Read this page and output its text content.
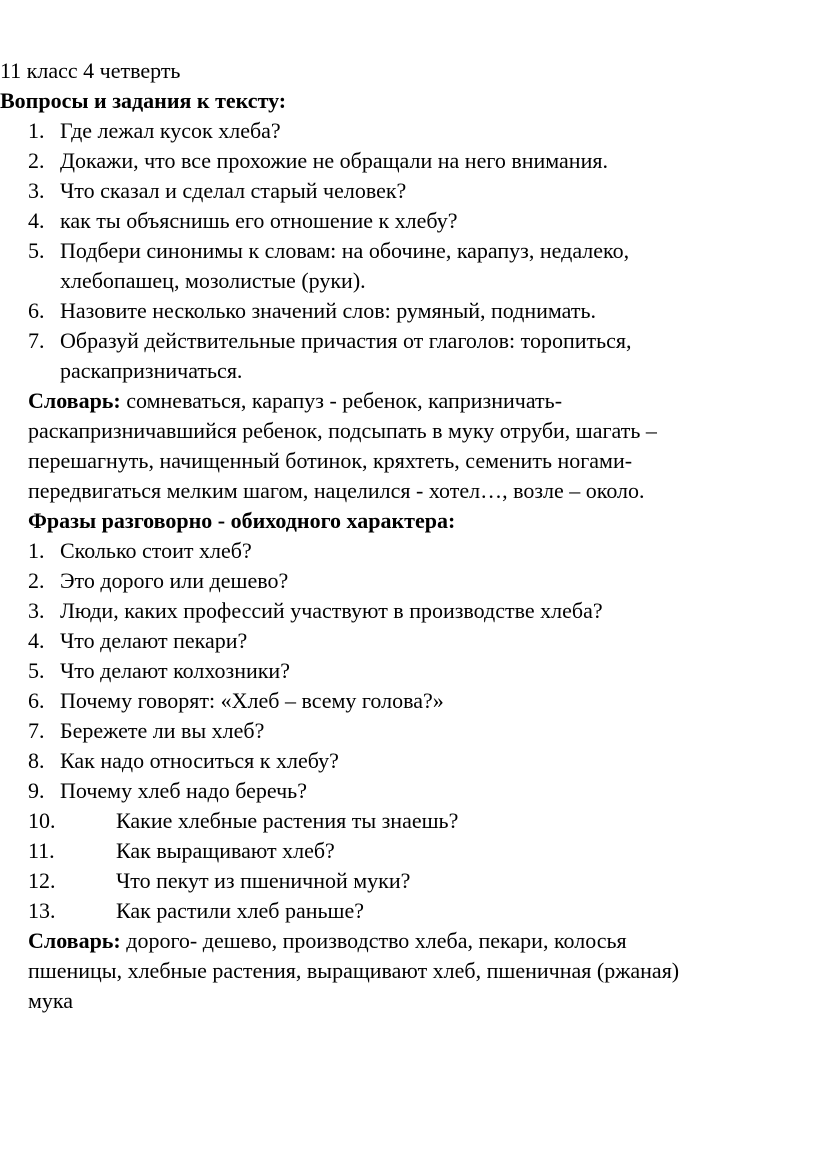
11 класс 4 четверть

Вопросы и задания к тексту:

1. Где лежал кусок хлеба?
2. Докажи, что все прохожие не обращали на него внимания.
3. Что сказал и сделал старый человек?
4. как ты объяснишь его отношение к хлебу?
5. Подбери синонимы к словам: на обочине, карапуз, недалеко,
хлебопашец, мозолистые (руки).
6. Назовите несколько значений слов: румяный, поднимать.
7. Образуй действительные причастия от глаголов: торопиться,
раскапризничаться.

Словарь: сомневаться, карапуз - ребенок, капризничать-

раскапризничавшийся ребенок, подсыпать в муку отруби, шагать –

перешагнуть, начищенный ботинок, кряхтеть, семенить ногами-

передвигаться мелким шагом, нацелился - хотел…, возле – около.

Фразы разговорно - обиходного характера:

1. Сколько стоит хлеб?
2. Это дорого или дешево?
3. Люди, каких профессий участвуют в производстве хлеба?
4. Что делают пекари?
5. Что делают колхозники?
6. Почему говорят: «Хлеб – всему голова?»
7. Бережете ли вы хлеб?
8. Как надо относиться к хлебу?
9. Почему хлеб надо беречь?
10.	Какие хлебные растения ты знаешь?
11.	Как выращивают хлеб?
12.	Что пекут из пшеничной муки?
13.	Как растили хлеб раньше?

Словарь: дорого- дешево, производство хлеба, пекари, колосья

пшеницы, хлебные растения, выращивают хлеб, пшеничная (ржаная)

мука
